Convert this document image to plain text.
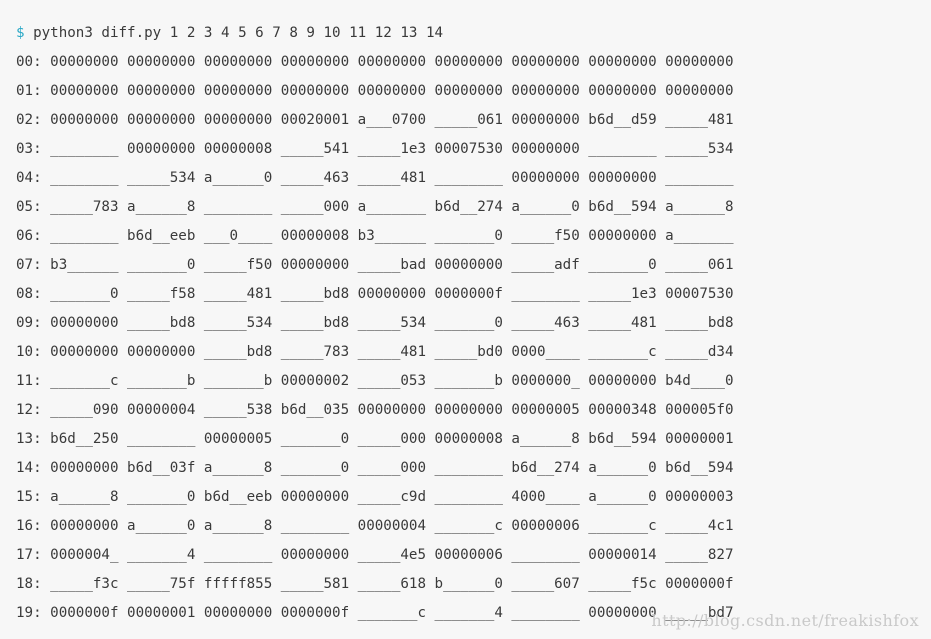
$ python3 diff.py 1 2 3 4 5 6 7 8 9 10 11 12 13 14
00: 00000000 00000000 00000000 00000000 00000000 00000000 00000000 00000000 00000000
01: 00000000 00000000 00000000 00000000 00000000 00000000 00000000 00000000 00000000
02: 00000000 00000000 00000000 00020001 a___0700 _____061 00000000 b6d__d59 _____481
03: ________ 00000000 00000008 _____541 _____1e3 00007530 00000000 ________ _____534
04: ________ _____534 a______0 _____463 _____481 ________ 00000000 00000000 ________
05: _____783 a______8 ________ _____000 a_______ b6d__274 a______0 b6d__594 a______8
06: ________ b6d__eeb ___0____ 00000008 b3______ _______0 _____f50 00000000 a_______
07: b3______ _______0 _____f50 00000000 _____bad 00000000 _____adf _______0 _____061
08: _______0 _____f58 _____481 _____bd8 00000000 0000000f ________ _____1e3 00007530
09: 00000000 _____bd8 _____534 _____bd8 _____534 _______0 _____463 _____481 _____bd8
10: 00000000 00000000 _____bd8 _____783 _____481 _____bd0 0000____ _______c _____d34
11: _______c _______b _______b 00000002 _____053 _______b 0000000_ 00000000 b4d____0
12: _____090 00000004 _____538 b6d__035 00000000 00000000 00000005 00000348 000005f0
13: b6d__250 ________ 00000005 _______0 _____000 00000008 a______8 b6d__594 00000001
14: 00000000 b6d__03f a______8 _______0 _____000 ________ b6d__274 a______0 b6d__594
15: a______8 _______0 b6d__eeb 00000000 _____c9d ________ 4000____ a______0 00000003
16: 00000000 a______0 a______8 ________ 00000004 _______c 00000006 _______c _____4c1
17: 0000004_ _______4 ________ 00000000 _____4e5 00000006 ________ 00000014 _____827
18: _____f3c _____75f fffff855 _____581 _____618 b______0 _____607 _____f5c 0000000f
19: 0000000f 00000001 00000000 0000000f _______c _______4 ________ 00000000 _____bd7
http://blog.csdn.net/freakishfox
